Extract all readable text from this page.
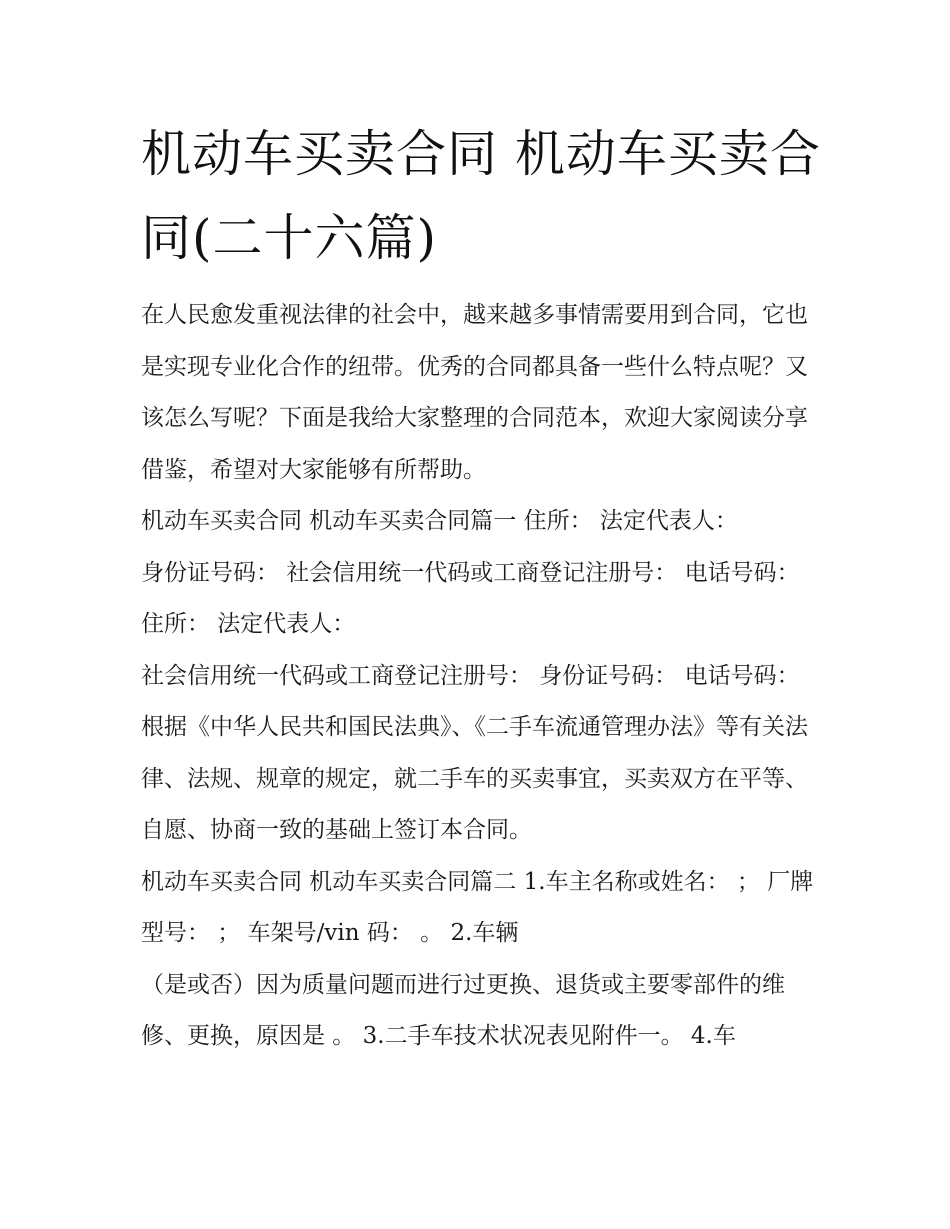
机动车买卖合同 机动车买卖合同(二十六篇)

在人民愈发重视法律的社会中，越来越多事情需要用到合同，它也是实现专业化合作的纽带。优秀的合同都具备一些什么特点呢？又该怎么写呢？下面是我给大家整理的合同范本，欢迎大家阅读分享借鉴，希望对大家能够有所帮助。

机动车买卖合同 机动车买卖合同篇一 住所： 法定代表人：

身份证号码： 社会信用统一代码或工商登记注册号： 电话号码： 住所： 法定代表人：

社会信用统一代码或工商登记注册号： 身份证号码： 电话号码：

根据《中华人民共和国民法典》、《二手车流通管理办法》等有关法律、法规、规章的规定，就二手车的买卖事宜，买卖双方在平等、自愿、协商一致的基础上签订本合同。

机动车买卖合同 机动车买卖合同篇二 1.车主名称或姓名： ； 厂牌型号： ； 车架号/vin 码： 。 2.车辆

（是或否）因为质量问题而进行过更换、退货或主要零部件的维修、更换，原因是 。 3.二手车技术状况表见附件一。 4.车
